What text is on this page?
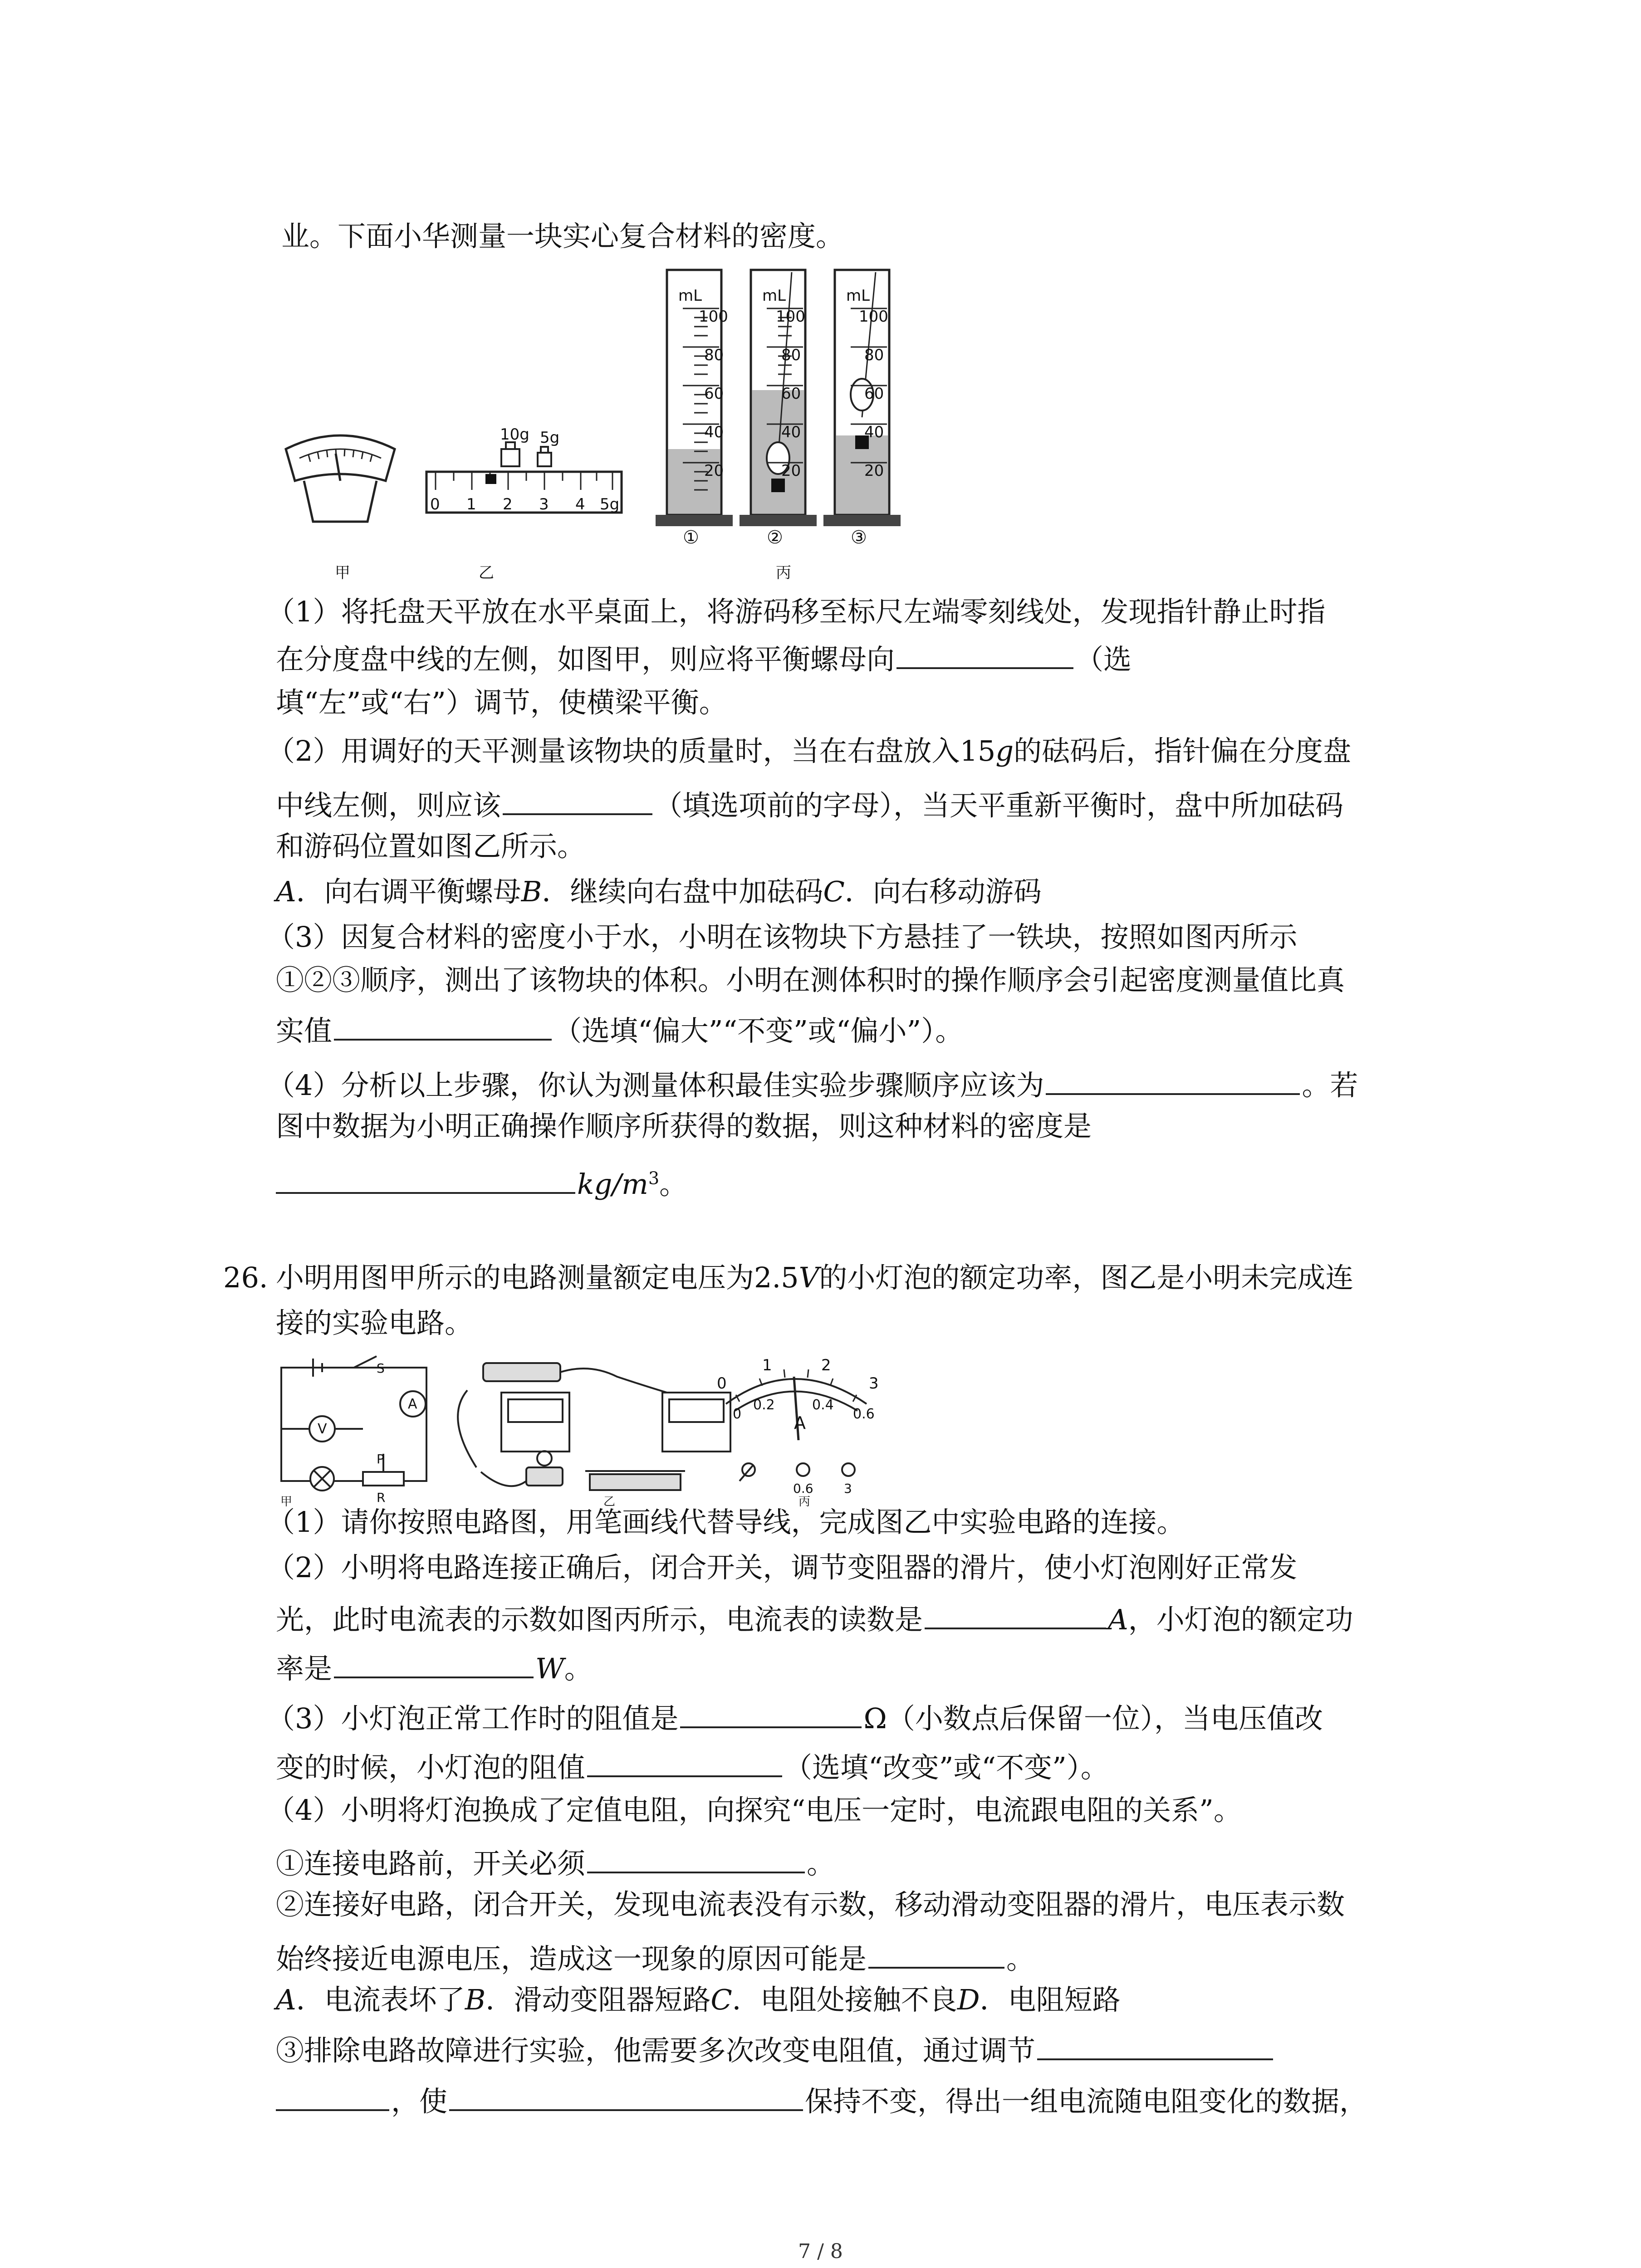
业。下面小华测量一块实心复合材料的密度。
mL
100
80
60
40
20
mL
100
80
60
40
20
mL
100
80
60
40
20
10g 5g
0 1 2 3 4 5g
①	②	③
甲	乙	丙
（1）将托盘天平放在水平桌面上，将游码移至标尺左端零刻线处，发现指针静止时指
在分度盘中线的左侧，如图甲，则应将平衡螺母向	（选
填“左”或“右”）调节，使横梁平衡。
（2）用调好的天平测量该物块的质量时，当在右盘放入15g的砝码后，指针偏在分度盘
中线左侧，则应该	（填选项前的字母），当天平重新平衡时，盘中所加砝码
和游码位置如图乙所示。
A．向右调平衡螺母B．继续向右盘中加砝码C．向右移动游码
（3）因复合材料的密度小于水，小明在该物块下方悬挂了一铁块，按照如图丙所示
①②③顺序，测出了该物块的体积。小明在测体积时的操作顺序会引起密度测量值比真
实值	（选填“偏大”“不变”或“偏小”）。
（4）分析以上步骤，你认为测量体积最佳实验步骤顺序应该为	。若
图中数据为小明正确操作顺序所获得的数据，则这种材料的密度是
$kg/m^3$。
26. 小明用图甲所示的电路测量额定电压为2.5V的小灯泡的额定功率，图乙是小明未完成连
接的实验电路。
S
V
A
P
R
甲	乙	丙
0
1	2
3
0
0.2	0.4
0.6
A
0.6 3
（1）请你按照电路图，用笔画线代替导线，完成图乙中实验电路的连接。
（2）小明将电路连接正确后，闭合开关，调节变阻器的滑片，使小灯泡刚好正常发
光，此时电流表的示数如图丙所示，电流表的读数是	A，小灯泡的额定功
率是	W。
（3）小灯泡正常工作时的阻值是	Ω（小数点后保留一位），当电压值改
变的时候，小灯泡的阻值	（选填“改变”或“不变”）。
（4）小明将灯泡换成了定值电阻，向探究“电压一定时，电流跟电阻的关系”。
①连接电路前，开关必须	。
②连接好电路，闭合开关，发现电流表没有示数，移动滑动变阻器的滑片，电压表示数
始终接近电源电压，造成这一现象的原因可能是	。
A．电流表坏了B．滑动变阻器短路C．电阻处接触不良D．电阻短路
③排除电路故障进行实验，他需要多次改变电阻值，通过调节
，使	保持不变，得出一组电流随电阻变化的数据，
7 / 8
